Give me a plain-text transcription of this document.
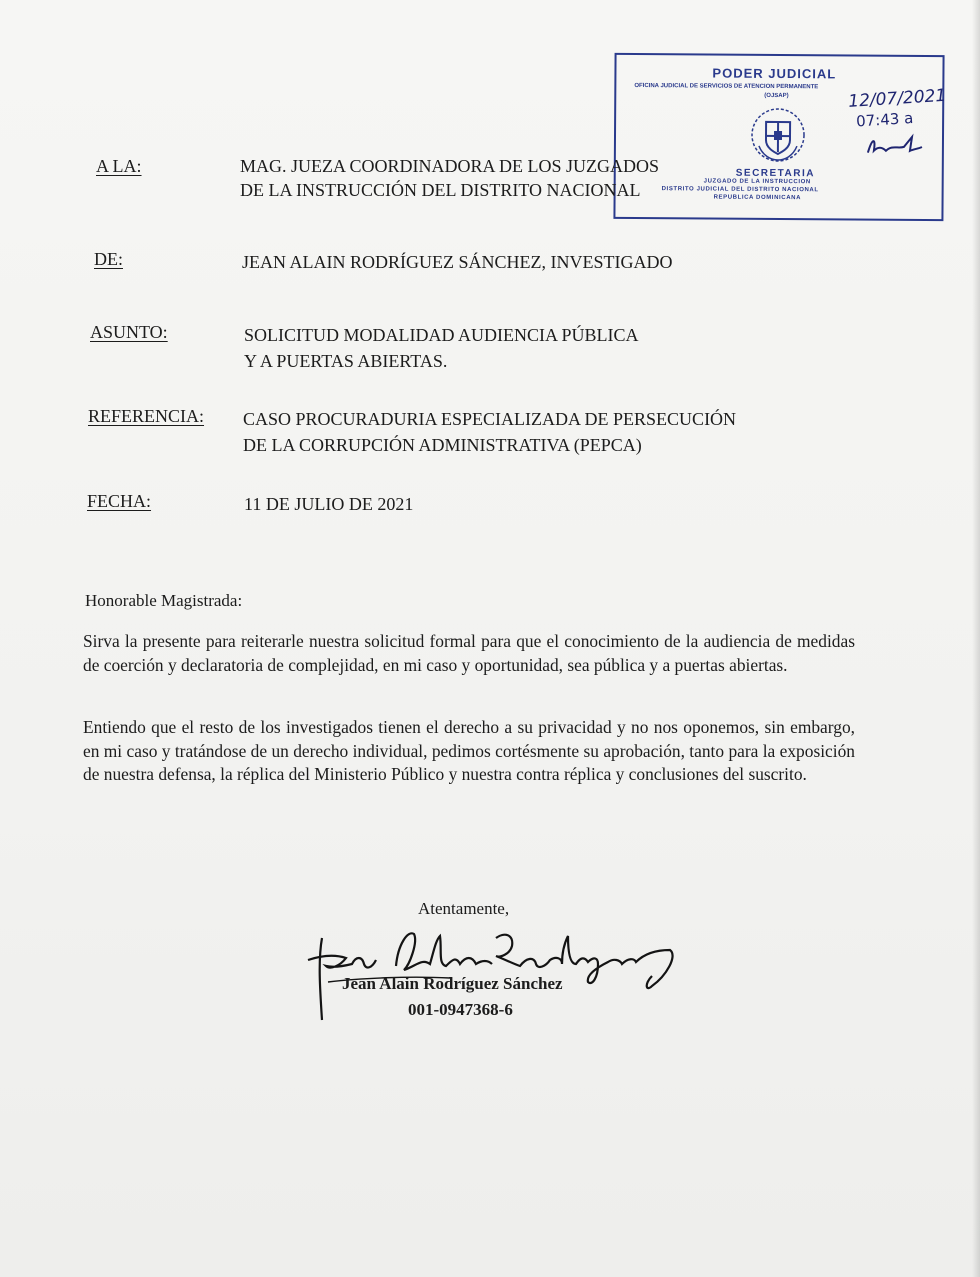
PODER JUDICIAL
OFICINA JUDICIAL DE SERVICIOS DE ATENCION PERMANENTE
(OJSAP)	12/07/2021
07:43 a
SECRETARIA
JUZGADO DE LA INSTRUCCION
DISTRITO JUDICIAL DEL DISTRITO NACIONAL
REPUBLICA DOMINICANA
A LA:	MAG. JUEZA COORDINADORA DE LOS JUZGADOS
DE LA INSTRUCCIÓN DEL DISTRITO NACIONAL
DE:	JEAN ALAIN RODRÍGUEZ SÁNCHEZ, INVESTIGADO
ASUNTO:	SOLICITUD MODALIDAD AUDIENCIA PÚBLICA
Y A PUERTAS ABIERTAS.
REFERENCIA: CASO PROCURADURIA ESPECIALIZADA DE PERSECUCIÓN
DE LA CORRUPCIÓN ADMINISTRATIVA (PEPCA)
FECHA:	11 DE JULIO DE 2021
Honorable Magistrada:
Sirva la presente para reiterarle nuestra solicitud formal para que el conocimiento de la audiencia de medidas de coerción y declaratoria de complejidad, en mi caso y oportunidad, sea pública y a puertas abiertas.
Entiendo que el resto de los investigados tienen el derecho a su privacidad y no nos oponemos, sin embargo, en mi caso y tratándose de un derecho individual, pedimos cortésmente su aprobación, tanto para la exposición de nuestra defensa, la réplica del Ministerio Público y nuestra contra réplica y conclusiones del suscrito.
Atentamente,
Jean Alain Rodríguez Sánchez
001-0947368-6
